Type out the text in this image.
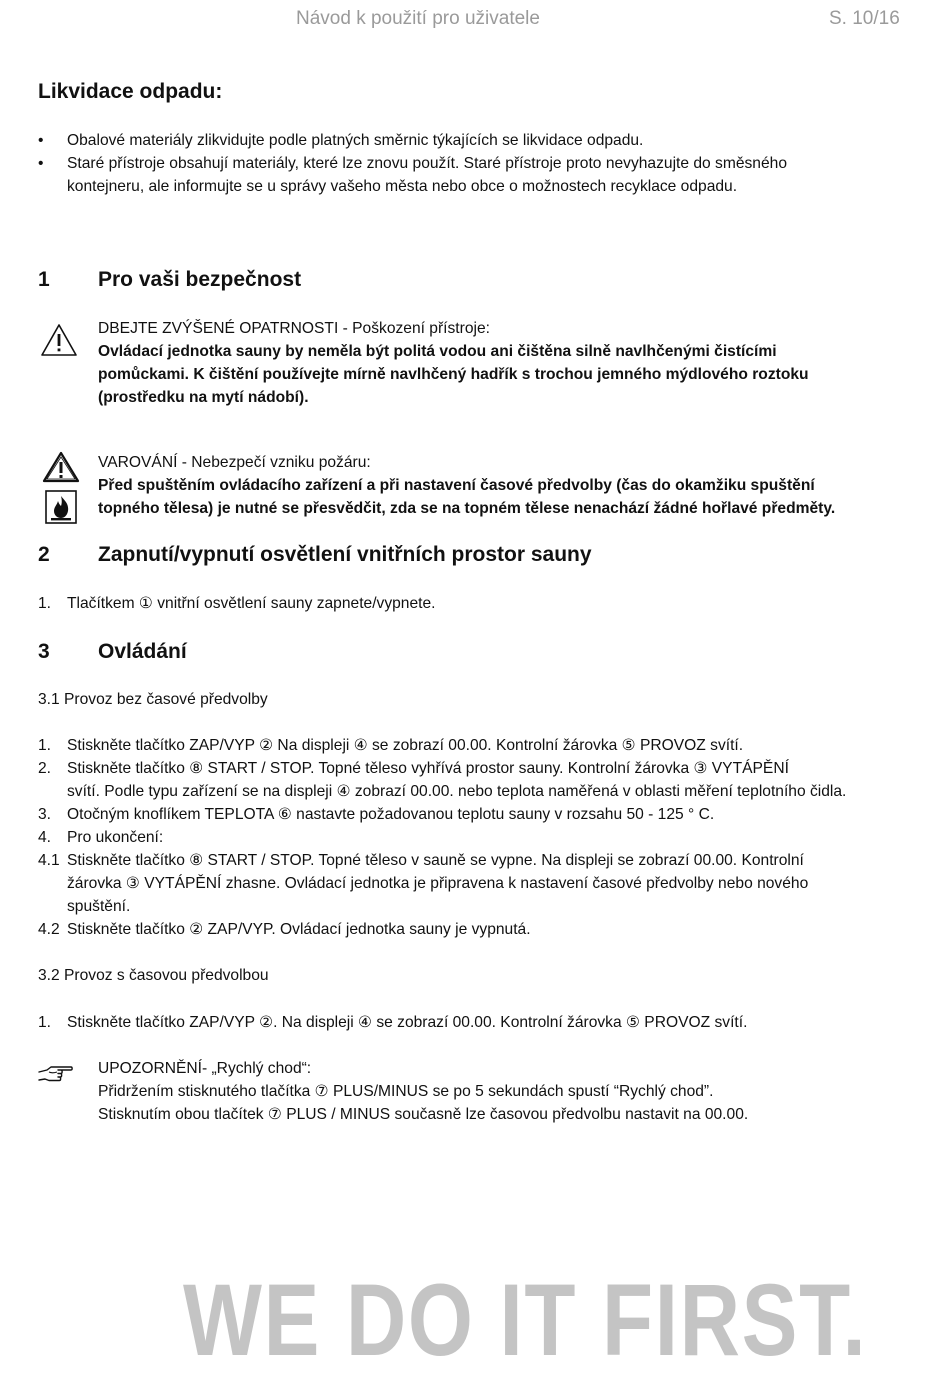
Návod k použití pro uživatele	S. 10/16
Likvidace odpadu:
• Obalové materiály zlikvidujte podle platných směrnic týkajících se likvidace odpadu.
• Staré přístroje obsahují materiály, které lze znovu použít. Staré přístroje proto nevyhazujte do směsného
kontejneru, ale informujte se u správy vašeho města nebo obce o možnostech recyklace odpadu.
1 Pro vaši bezpečnost
DBEJTE ZVÝŠENÉ OPATRNOSTI - Poškození přístroje:
Ovládací jednotka sauny by neměla být politá vodou ani čištěna silně navlhčenými čistícími
pomůckami. K čištění používejte mírně navlhčený hadřík s trochou jemného mýdlového roztoku
(prostředku na mytí nádobí).
VAROVÁNÍ - Nebezpečí vzniku požáru:
Před spuštěním ovládacího zařízení a při nastavení časové předvolby (čas do okamžiku spuštění
topného tělesa) je nutné se přesvědčit, zda se na topném tělese nenachází žádné hořlavé předměty.
2 Zapnutí/vypnutí osvětlení vnitřních prostor sauny
1. Tlačítkem ① vnitřní osvětlení sauny zapnete/vypnete.
3 Ovládání
3.1 Provoz bez časové předvolby
1. Stiskněte tlačítko ZAP/VYP ② Na displeji ④ se zobrazí 00.00. Kontrolní žárovka ⑤ PROVOZ svítí.
2. Stiskněte tlačítko ⑧ START / STOP. Topné těleso vyhřívá prostor sauny. Kontrolní žárovka ③ VYTÁPĚNÍ
svítí. Podle typu zařízení se na displeji ④ zobrazí 00.00. nebo teplota naměřená v oblasti měření teplotního čidla.
3. Otočným knoflíkem TEPLOTA ⑥ nastavte požadovanou teplotu sauny v rozsahu 50 - 125 ° C.
4. Pro ukončení:
4.1 Stiskněte tlačítko ⑧ START / STOP. Topné těleso v sauně se vypne. Na displeji se zobrazí 00.00. Kontrolní
žárovka ③ VYTÁPĚNÍ zhasne. Ovládací jednotka je připravena k nastavení časové předvolby nebo nového
spuštění.
4.2 Stiskněte tlačítko ② ZAP/VYP. Ovládací jednotka sauny je vypnutá.
3.2 Provoz s časovou předvolbou
1. Stiskněte tlačítko ZAP/VYP ②. Na displeji ④ se zobrazí 00.00. Kontrolní žárovka ⑤ PROVOZ svítí.
UPOZORNĚNÍ- „Rychlý chod“:
Přidržením stisknutého tlačítka ⑦ PLUS/MINUS se po 5 sekundách spustí “Rychlý chod”.
Stisknutím obou tlačítek ⑦ PLUS / MINUS současně lze časovou předvolbu nastavit na 00.00.
WE DO IT FIRST.
